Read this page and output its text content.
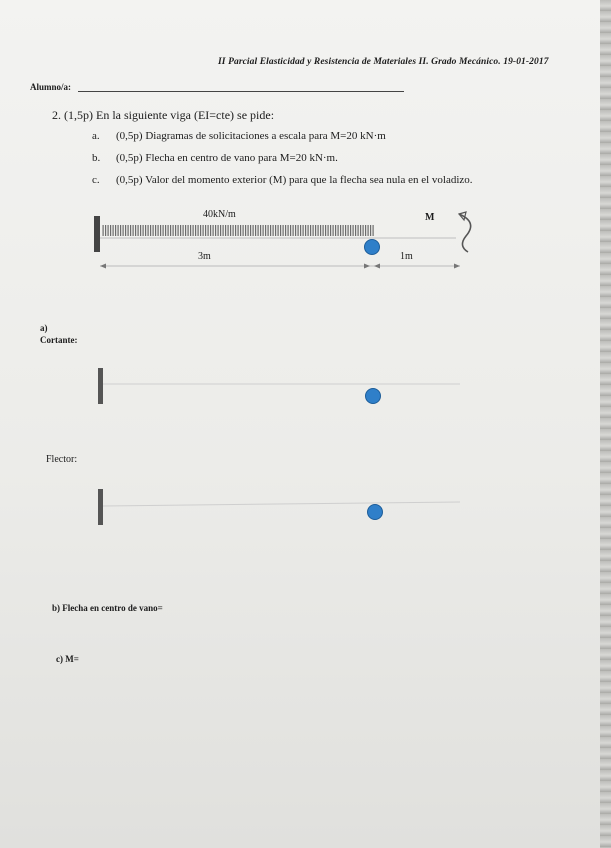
II Parcial Elasticidad y Resistencia de Materiales II. Grado Mecánico. 19-01-2017
Alumno/a:
2. (1,5p) En la siguiente viga (EI=cte) se pide:
a. (0,5p) Diagramas de solicitaciones a escala para M=20 kN·m
b. (0,5p) Flecha en centro de vano para M=20 kN·m.
c. (0,5p) Valor del momento exterior (M) para que la flecha sea nula en el voladizo.
40kN/m	M
3m	1m
a)
Cortante:
Flector:
b) Flecha en centro de vano=
c) M=
